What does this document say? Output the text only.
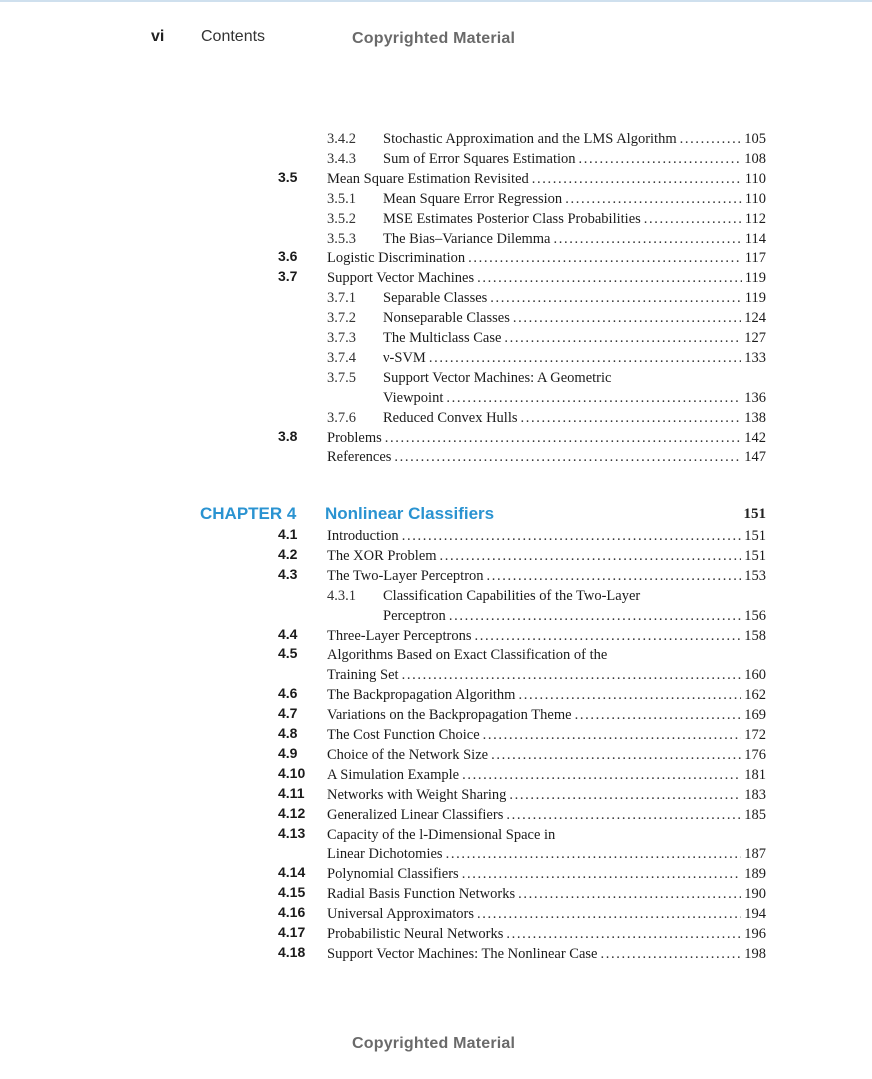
vi Contents	Copyrighted Material
3.4.2 Stochastic Approximation and the LMS Algorithm . . .	105
3.4.3 Sum of Error Squares Estimation . . .	108
3.5 Mean Square Estimation Revisited . . .	110
3.5.1 Mean Square Error Regression . . .	110
3.5.2 MSE Estimates Posterior Class Probabilities . . .	112
3.5.3 The Bias–Variance Dilemma . . .	114
3.6 Logistic Discrimination . . .	117
3.7 Support Vector Machines . . .	119
3.7.1 Separable Classes . . .	119
3.7.2 Nonseparable Classes . . .	124
3.7.3 The Multiclass Case . . .	127
3.7.4 ν-SVM . . .	133
3.7.5 Support Vector Machines: A Geometric
Viewpoint . . .	136
3.7.6 Reduced Convex Hulls . . .	138
3.8 Problems . . .	142
References . . .	147
CHAPTER 4 Nonlinear Classifiers	151
4.1 Introduction . . .	151
4.2 The XOR Problem . . .	151
4.3 The Two-Layer Perceptron . . .	153
4.3.1 Classification Capabilities of the Two-Layer
Perceptron . . .	156
4.4 Three-Layer Perceptrons . . .	158
4.5 Algorithms Based on Exact Classification of the
Training Set . . .	160
4.6 The Backpropagation Algorithm . . .	162
4.7 Variations on the Backpropagation Theme . . .	169
4.8 The Cost Function Choice . . .	172
4.9 Choice of the Network Size . . .	176
4.10 A Simulation Example . . .	181
4.11 Networks with Weight Sharing . . .	183
4.12 Generalized Linear Classifiers . . .	185
4.13 Capacity of the l-Dimensional Space in
Linear Dichotomies . . .	187
4.14 Polynomial Classifiers . . .	189
4.15 Radial Basis Function Networks . . .	190
4.16 Universal Approximators . . .	194
4.17 Probabilistic Neural Networks . . .	196
4.18 Support Vector Machines: The Nonlinear Case . . .	198
Copyrighted Material
